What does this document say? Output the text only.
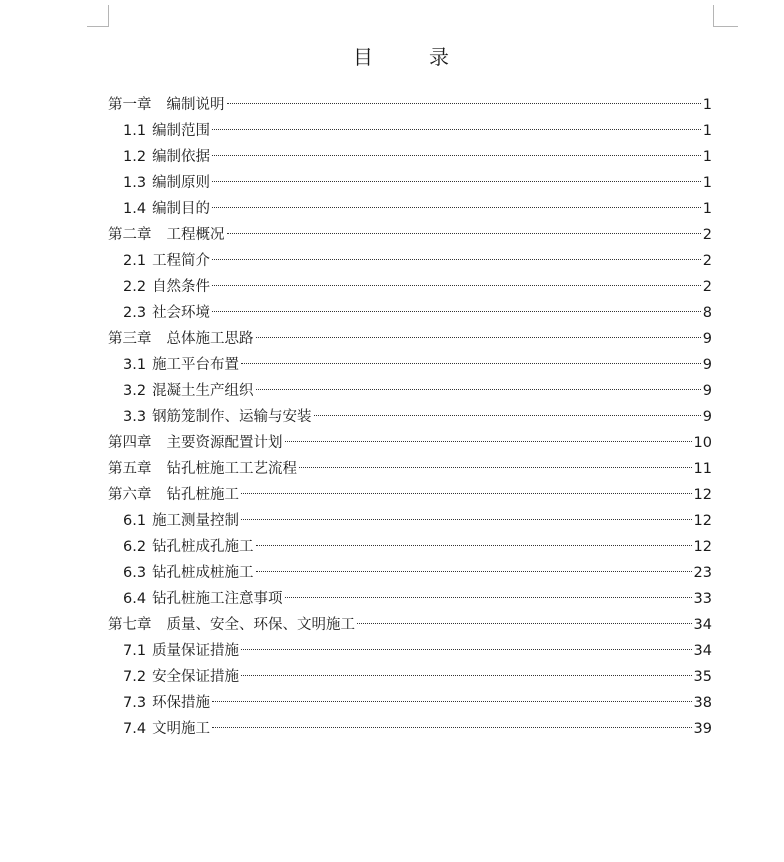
目　录
第一章 编制说明	1
1.1 编制范围	1
1.2 编制依据	1
1.3 编制原则	1
1.4 编制目的	1
第二章 工程概况	2
2.1 工程简介	2
2.2 自然条件	2
2.3 社会环境	8
第三章 总体施工思路	9
3.1 施工平台布置	9
3.2 混凝土生产组织	9
3.3 钢筋笼制作、运输与安装	9
第四章 主要资源配置计划	10
第五章 钻孔桩施工工艺流程	11
第六章 钻孔桩施工	12
6.1 施工测量控制	12
6.2 钻孔桩成孔施工	12
6.3 钻孔桩成桩施工	23
6.4 钻孔桩施工注意事项	33
第七章 质量、安全、环保、文明施工	34
7.1 质量保证措施	34
7.2 安全保证措施	35
7.3 环保措施	38
7.4 文明施工	39
